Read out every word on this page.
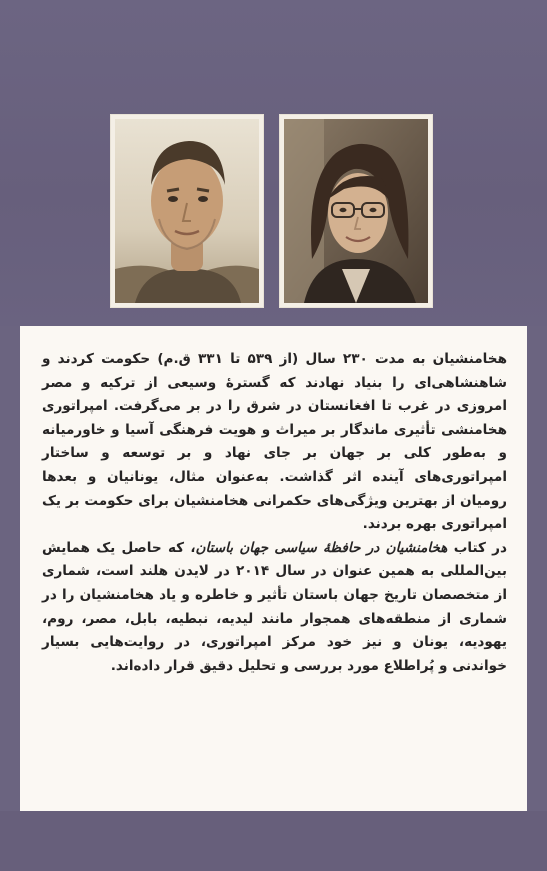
هخامنشیان به مدت ۲۳۰ سال (از ۵۳۹ تا ۳۳۱ ق.م) حکومت کردند و شاهنشاهی‌ای را بنیاد نهادند که گسترهٔ وسیعی از ترکیه و مصر امروزی در غرب تا افغانستان در شرق را در بر می‌گرفت. امپراتوری هخامنشی تأثیری ماندگار بر میراث و هویت فرهنگی آسیا و خاورمیانه و به‌طور کلی بر جهان بر جای نهاد و بر توسعه و ساختار امپراتوری‌های آینده اثر گذاشت. به‌عنوان مثال، یونانیان و بعدها رومیان از بهترین ویژگی‌های حکمرانی هخامنشیان برای حکومت بر یک امپراتوری بهره بردند.

در کتاب هخامنشیان در حافظهٔ سیاسی جهان باستان، که حاصل یک همایش بین‌المللی به همین عنوان در سال ۲۰۱۴ در لایدن هلند است، شماری از متخصصان تاریخ جهان باستان تأثیر و خاطره و یاد هخامنشیان را در شماری از منطقه‌های همجوار مانند لیدیه، نبطیه، بابل، مصر، روم، یهودیه، یونان و نیز خود مرکز امپراتوری، در روایت‌هایی بسیار خواندنی و پُراطلاع مورد بررسی و تحلیل دقیق قرار داده‌اند.
